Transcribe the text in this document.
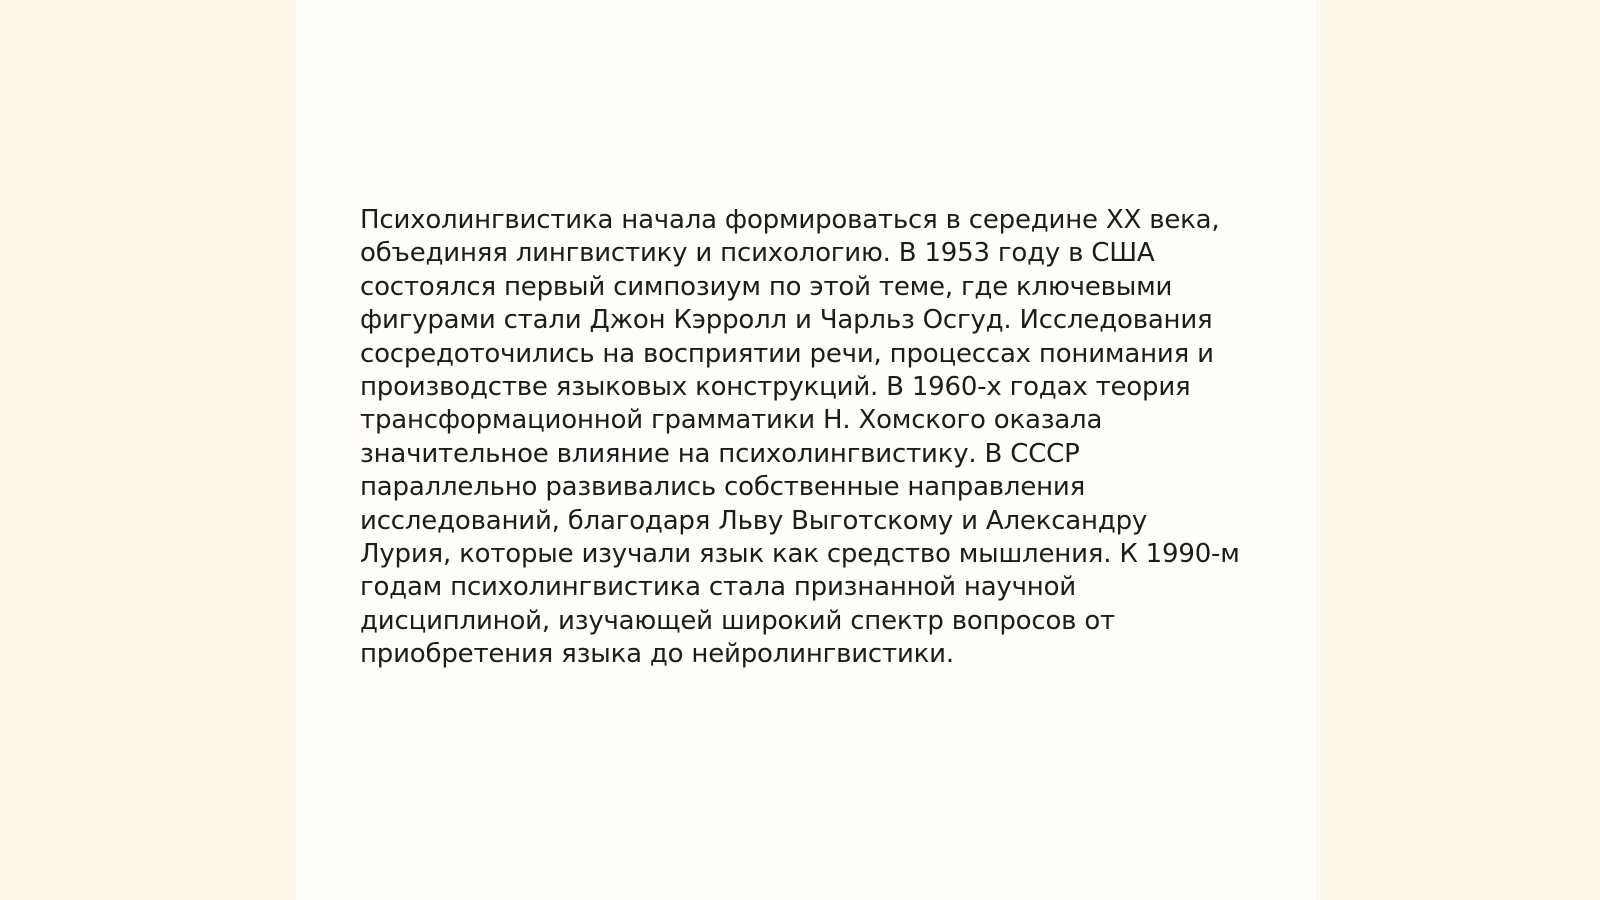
Психолингвистика начала формироваться в середине XX века,
объединяя лингвистику и психологию. В 1953 году в США
состоялся первый симпозиум по этой теме, где ключевыми
фигурами стали Джон Кэрролл и Чарльз Осгуд. Исследования
сосредоточились на восприятии речи, процессах понимания и
производстве языковых конструкций. В 1960-х годах теория
трансформационной грамматики Н. Хомского оказала
значительное влияние на психолингвистику. В СССР
параллельно развивались собственные направления
исследований, благодаря Льву Выготскому и Александру
Лурия, которые изучали язык как средство мышления. К 1990-м
годам психолингвистика стала признанной научной
дисциплиной, изучающей широкий спектр вопросов от
приобретения языка до нейролингвистики.
